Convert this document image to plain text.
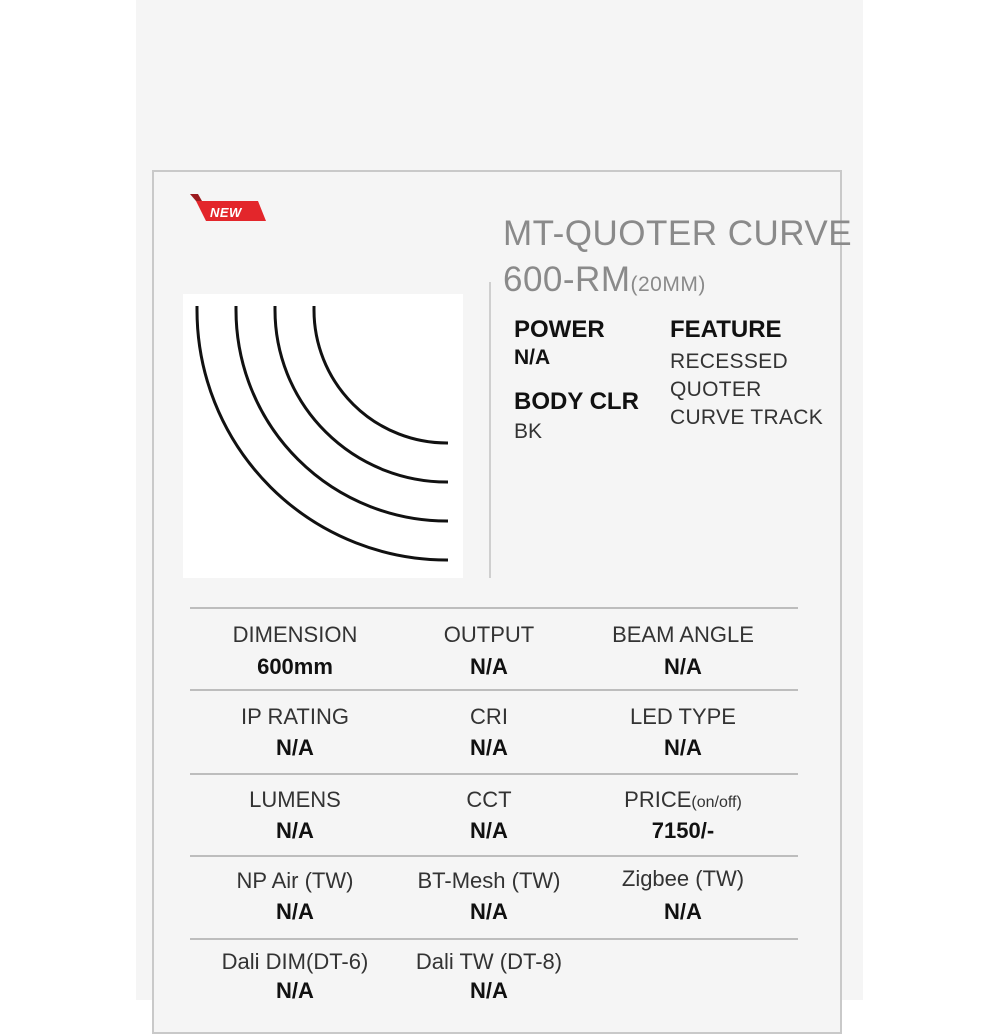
NEW
MT-QUOTER CURVE
600-RM(20MM)
POWER
N/A
BODY CLR
BK
FEATURE
RECESSED
QUOTER
CURVE TRACK
DIMENSION
600mm
OUTPUT
N/A
BEAM ANGLE
N/A
IP RATING
N/A
CRI
N/A
LED TYPE
N/A
LUMENS
N/A
CCT
N/A
PRICE(on/off)
7150/-
NP Air (TW)
N/A
BT-Mesh (TW)
N/A
Zigbee (TW)
N/A
Dali DIM(DT-6)
N/A
Dali TW (DT-8)
N/A
